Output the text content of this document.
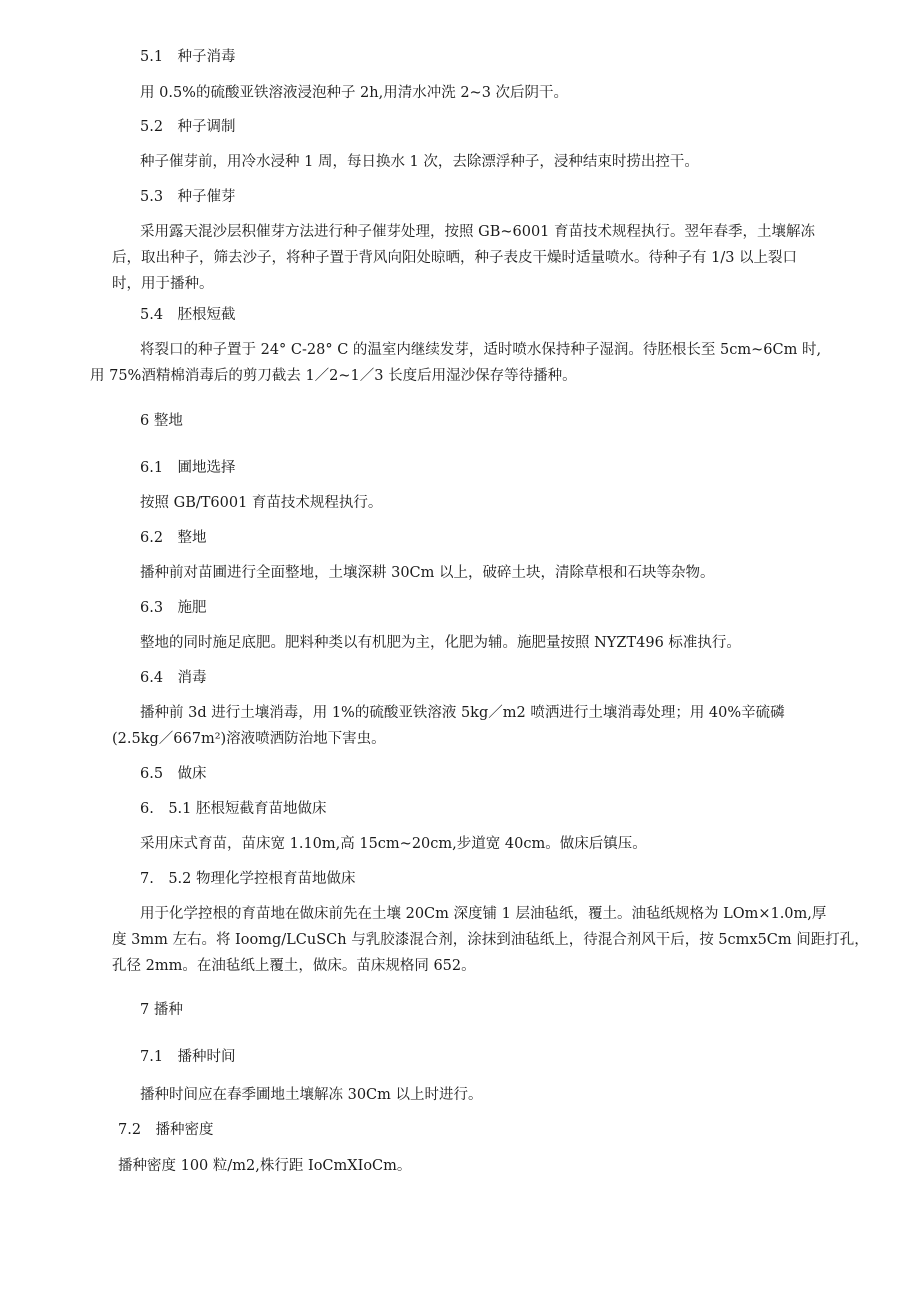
5.1　种子消毒
用 0.5%的硫酸亚铁溶液浸泡种子 2h,用清水冲洗 2~3 次后阴干。
5.2　种子调制
种子催芽前，用冷水浸种 1 周，每日换水 1 次，去除漂浮种子，浸种结束时捞出控干。
5.3　种子催芽
采用露天混沙层积催芽方法进行种子催芽处理，按照 GB~6001 育苗技术规程执行。翌年春季，土壤解冻
后，取出种子，筛去沙子，将种子置于背风向阳处晾晒，种子表皮干燥时适量喷水。待种子有 1/3 以上裂口
时，用于播种。
5.4　胚根短截
将裂口的种子置于 24° C-28° C 的温室内继续发芽，适时喷水保持种子湿润。待胚根长至 5cm~6Cm 时,
用 75%酒精棉消毒后的剪刀截去 1／2~1／3 长度后用湿沙保存等待播种。
6 整地
6.1　圃地选择
按照 GB/T6001 育苗技术规程执行。
6.2　整地
播种前对苗圃进行全面整地，土壤深耕 30Cm 以上，破碎土块，清除草根和石块等杂物。
6.3　施肥
整地的同时施足底肥。肥料种类以有机肥为主，化肥为辅。施肥量按照 NYZT496 标准执行。
6.4　消毒
播种前 3d 进行土壤消毒，用 1%的硫酸亚铁溶液 5kg／m2 喷洒进行土壤消毒处理；用 40%辛硫磷
(2.5kg／667m²)溶液喷洒防治地下害虫。
6.5　做床
6.　5.1 胚根短截育苗地做床
采用床式育苗，苗床宽 1.10m,高 15cm~20cm,步道宽 40cm。做床后镇压。
7.　5.2 物理化学控根育苗地做床
用于化学控根的育苗地在做床前先在土壤 20Cm 深度铺 1 层油毡纸，覆土。油毡纸规格为 LOm×1.0m,厚
度 3mm 左右。将 Ioomg/LCuSCh 与乳胶漆混合剂，涂抹到油毡纸上，待混合剂风干后，按 5cmx5Cm 间距打孔，
孔径 2mm。在油毡纸上覆土，做床。苗床规格同 652。
7 播种
7.1　播种时间
播种时间应在春季圃地土壤解冻 30Cm 以上时进行。
7.2　播种密度
播种密度 100 粒/m2,株行距 IoCmXIoCm。
